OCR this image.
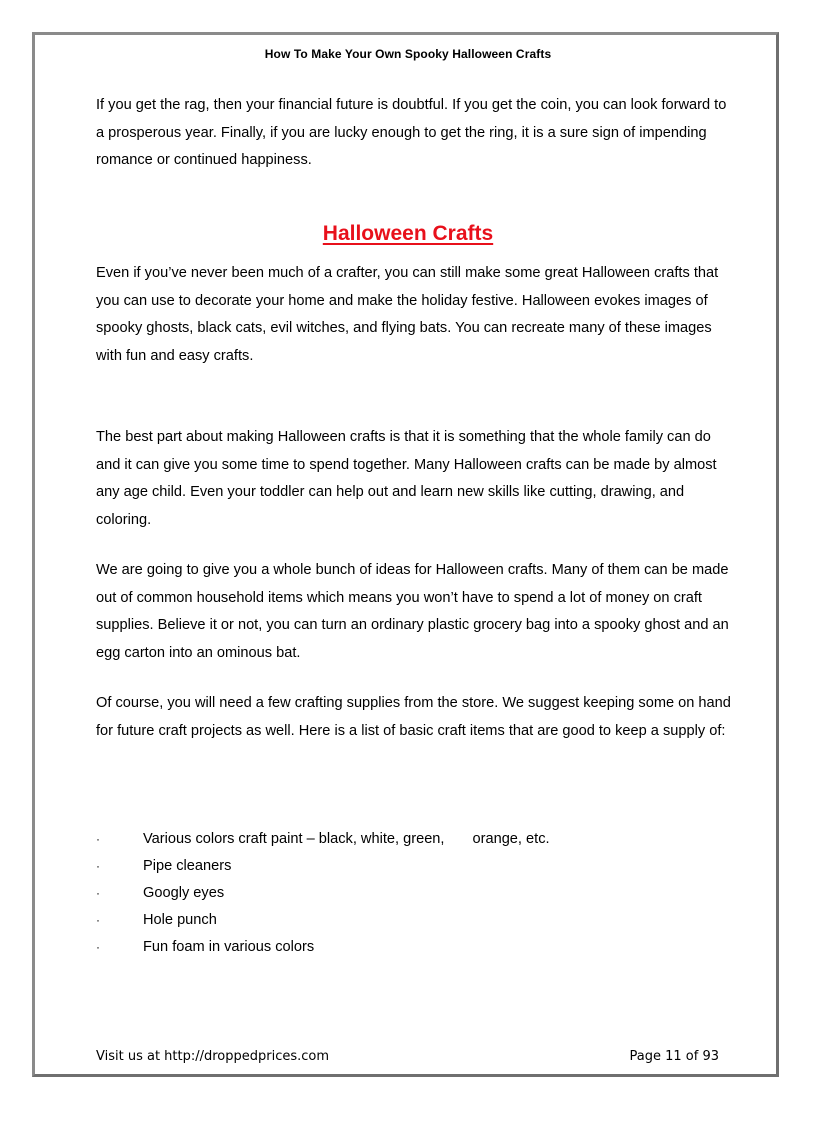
How To Make Your Own Spooky Halloween Crafts

If you get the rag, then your financial future is doubtful. If you get the coin, you can look forward to a prosperous year. Finally, if you are lucky enough to get the ring, it is a sure sign of impending romance or continued happiness.

Halloween Crafts

Even if you’ve never been much of a crafter, you can still make some great Halloween crafts that you can use to decorate your home and make the holiday festive. Halloween evokes images of spooky ghosts, black cats, evil witches, and flying bats. You can recreate many of these images with fun and easy crafts.

The best part about making Halloween crafts is that it is something that the whole family can do and it can give you some time to spend together. Many Halloween crafts can be made by almost any age child. Even your toddler can help out and learn new skills like cutting, drawing, and coloring.

We are going to give you a whole bunch of ideas for Halloween crafts. Many of them can be made out of common household items which means you won’t have to spend a lot of money on craft supplies. Believe it or not, you can turn an ordinary plastic grocery bag into a spooky ghost and an egg carton into an ominous bat.

Of course, you will need a few crafting supplies from the store. We suggest keeping some on hand for future craft projects as well. Here is a list of basic craft items that are good to keep a supply of:

·	Various colors craft paint – black, white, green, orange, etc.
·	Pipe cleaners
·	Googly eyes
·	Hole punch
·	Fun foam in various colors
Visit us at http://droppedprices.com	Page 11 of 93
